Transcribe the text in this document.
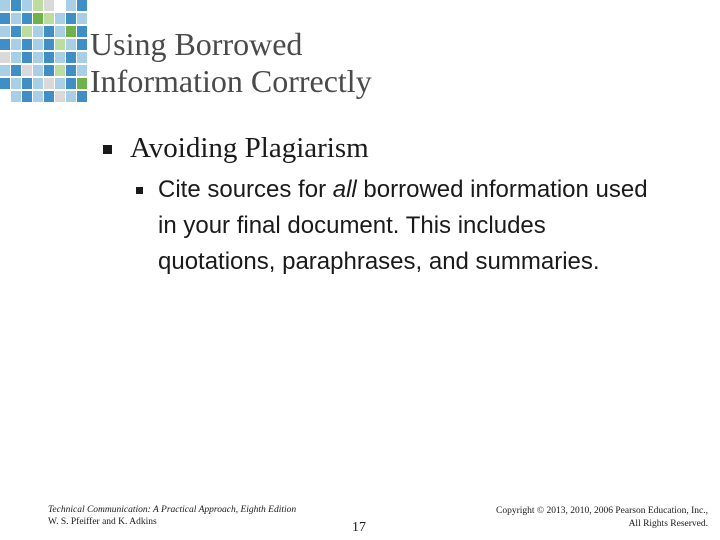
Using Borrowed
Information Correctly
Avoiding Plagiarism
Cite sources for all borrowed information used
in your final document. This includes
quotations, paraphrases, and summaries.
Technical Communication: A Practical Approach, Eighth Edition
W. S. Pfeiffer and K. Adkins	17
Copyright © 2013, 2010, 2006 Pearson Education, Inc.,
All Rights Reserved.
